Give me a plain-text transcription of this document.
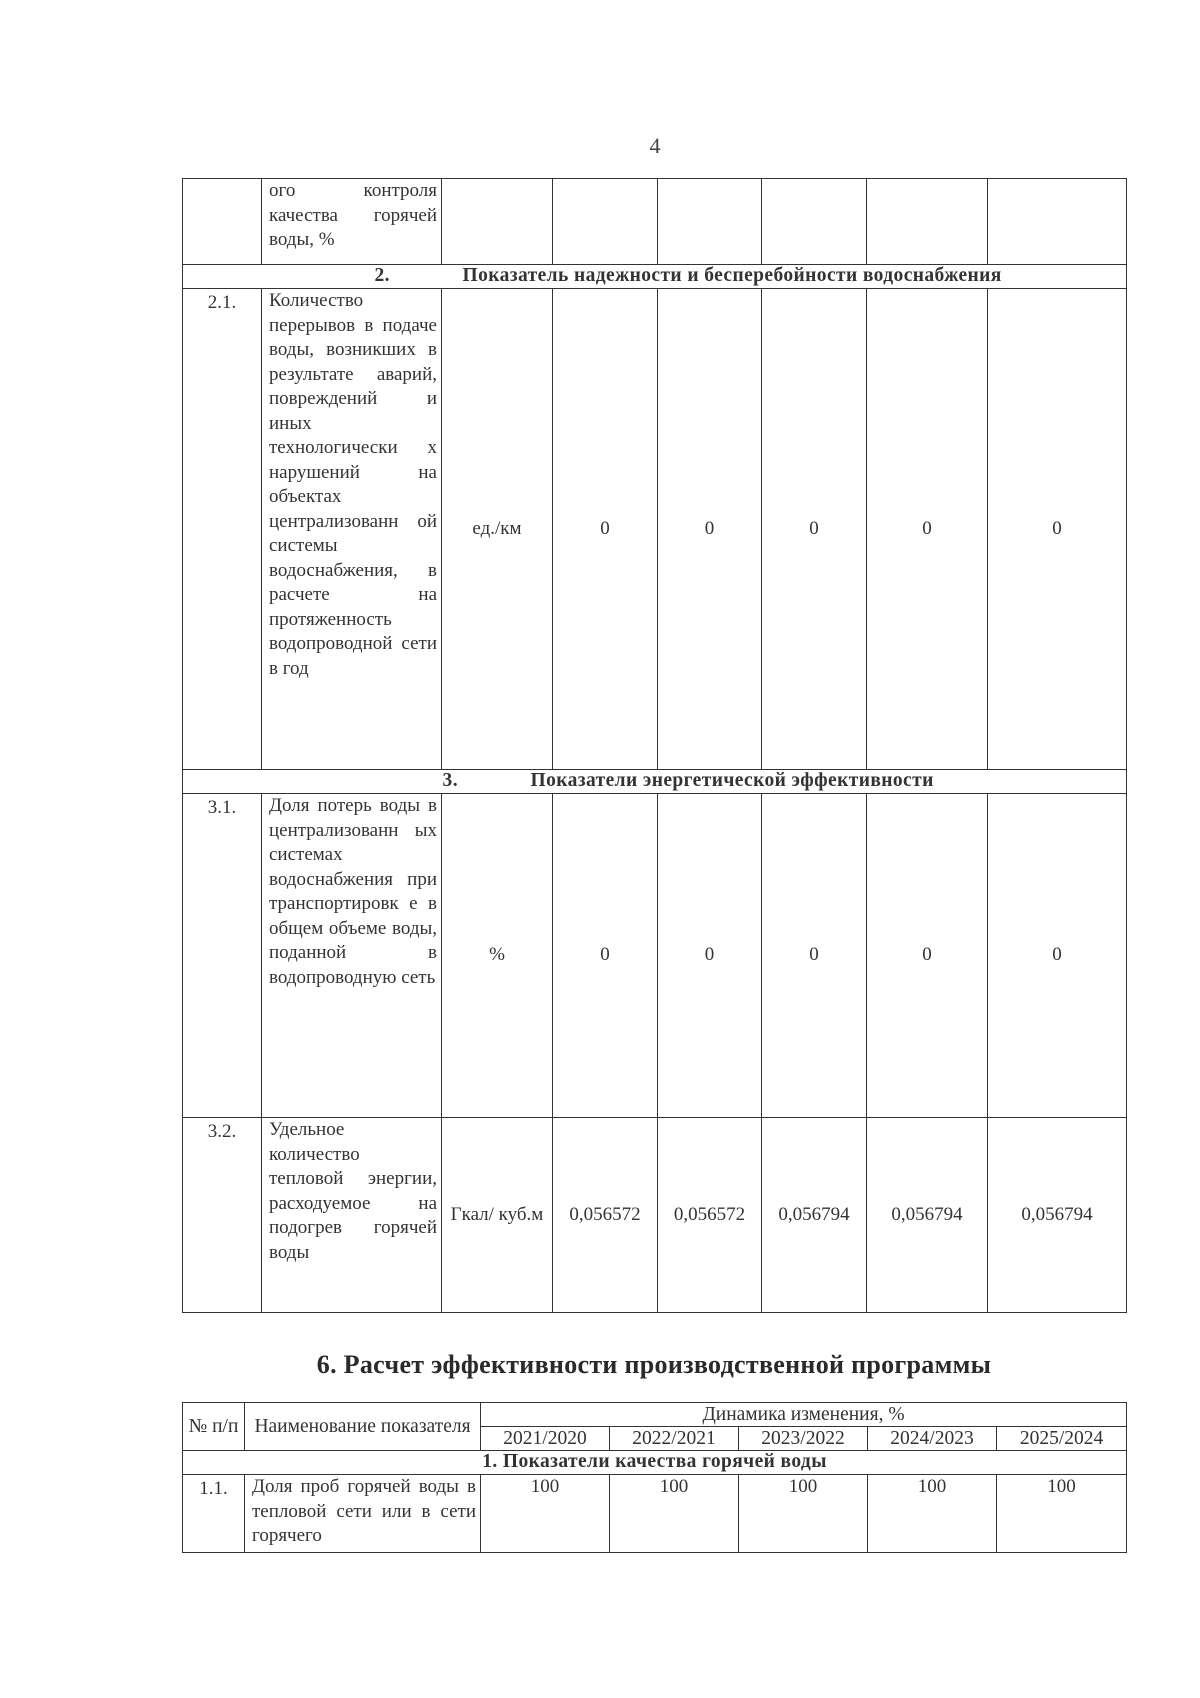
4
	ого контроля качества горячей воды, %						
2. Показатель надежности и бесперебойности водоснабжения							
2.1.	Количество перерывов в подаче воды, возникших в результате аварий, повреждений и иных технологически х нарушений на объектах централизованн ой системы водоснабжения, в расчете на протяженность водопроводной сети в год	ед./км	0	0	0	0	0
3. Показатели энергетической эффективности							
3.1.	Доля потерь воды в централизованн ых системах водоснабжения при транспортировк е в общем объеме воды, поданной в водопроводную сеть	%	0	0	0	0	0
3.2.	Удельное количество тепловой энергии, расходуемое на подогрев горячей воды	Гкал/ куб.м	0,056572	0,056572	0,056794	0,056794	0,056794
6. Расчет эффективности производственной программы
№ п/п	Наименование показателя	Динамика изменения, %				
		2021/2020	2022/2021	2023/2022	2024/2023	2025/2024
1. Показатели качества горячей воды						
1.1.	Доля проб горячей воды в тепловой сети или в сети горячего	100	100	100	100	100
